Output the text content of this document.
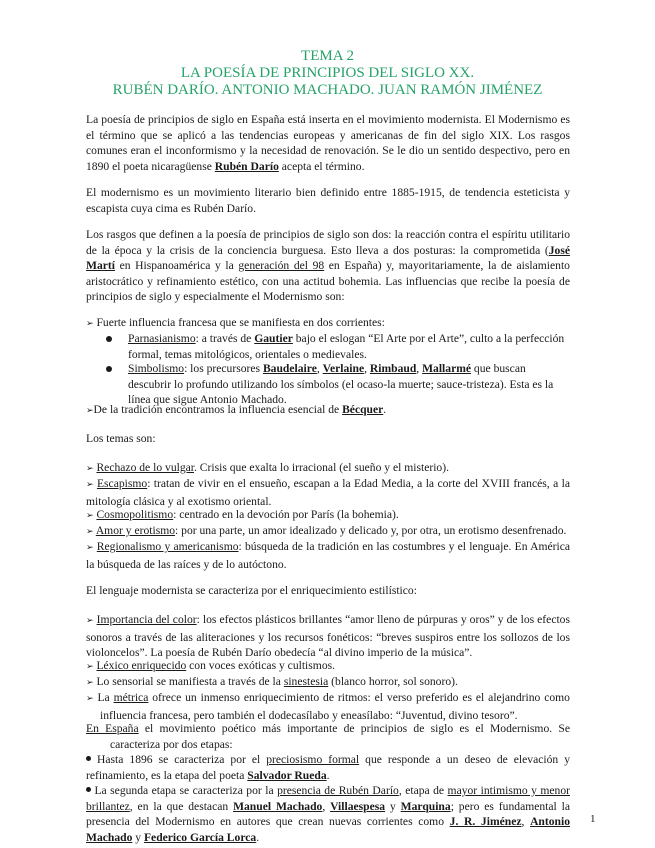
TEMA 2
LA POESÍA DE PRINCIPIOS DEL SIGLO XX.
RUBÉN DARÍO. ANTONIO MACHADO. JUAN RAMÓN JIMÉNEZ

La poesía de principios de siglo en España está inserta en el movimiento modernista. El Modernismo es el término que se aplicó a las tendencias europeas y americanas de fin del siglo XIX. Los rasgos comunes eran el inconformismo y la necesidad de renovación. Se le dio un sentido despectivo, pero en 1890 el poeta nicaragüense Rubén Darío acepta el término.

El modernismo es un movimiento literario bien definido entre 1885-1915, de tendencia esteticista y escapista cuya cima es Rubén Darío.

Los rasgos que definen a la poesía de principios de siglo son dos: la reacción contra el espíritu utilitario de la época y la crisis de la conciencia burguesa. Esto lleva a dos posturas: la comprometida (José Martí en Hispanoamérica y la generación del 98 en España) y, mayoritariamente, la de aislamiento aristocrático y refinamiento estético, con una actitud bohemia. Las influencias que recibe la poesía de principios de siglo y especialmente el Modernismo son:

➢ Fuerte influencia francesa que se manifiesta en dos corrientes:

Parnasianismo: a través de Gautier bajo el eslogan “El Arte por el Arte”, culto a la perfección formal, temas mitológicos, orientales o medievales.
Simbolismo: los precursores Baudelaire, Verlaine, Rimbaud, Mallarmé que buscan descubrir lo profundo utilizando los símbolos (el ocaso-la muerte; sauce-tristeza). Esta es la línea que sigue Antonio Machado.

➢De la tradición encontramos la influencia esencial de Bécquer.

Los temas son:

➢ Rechazo de lo vulgar. Crisis que exalta lo irracional (el sueño y el misterio).

➢ Escapismo: tratan de vivir en el ensueño, escapan a la Edad Media, a la corte del XVIII francés, a la mitología clásica y al exotismo oriental.

➢ Cosmopolitismo: centrado en la devoción por París (la bohemia).

➢ Amor y erotismo: por una parte, un amor idealizado y delicado y, por otra, un erotismo desenfrenado.

➢ Regionalismo y americanismo: búsqueda de la tradición en las costumbres y el lenguaje. En América la búsqueda de las raíces y de lo autóctono.

El lenguaje modernista se caracteriza por el enriquecimiento estilístico:

➢ Importancia del color: los efectos plásticos brillantes “amor lleno de púrpuras y oros” y de los efectos sonoros a través de las aliteraciones y los recursos fonéticos: “breves suspiros entre los sollozos de los violoncelos”. La poesía de Rubén Darío obedecía “al divino imperio de la música”.

➢ Léxico enriquecido con voces exóticas y cultismos.

➢ Lo sensorial se manifiesta a través de la sinestesia (blanco horror, sol sonoro).

➢ La métrica ofrece un inmenso enriquecimiento de ritmos: el verso preferido es el alejandrino como influencia francesa, pero también el dodecasílabo y eneasílabo: “Juventud, divino tesoro”.

En España el movimiento poético más importante de principios de siglo es el Modernismo. Se caracteriza por dos etapas:

Hasta 1896 se caracteriza por el preciosismo formal que responde a un deseo de elevación y refinamiento, es la etapa del poeta Salvador Rueda.

La segunda etapa se caracteriza por la presencia de Rubén Darío, etapa de mayor intimismo y menor brillantez, en la que destacan Manuel Machado, Villaespesa y Marquina; pero es fundamental la presencia del Modernismo en autores que crean nuevas corrientes como J. R. Jiménez, Antonio Machado y Federico García Lorca.

1
